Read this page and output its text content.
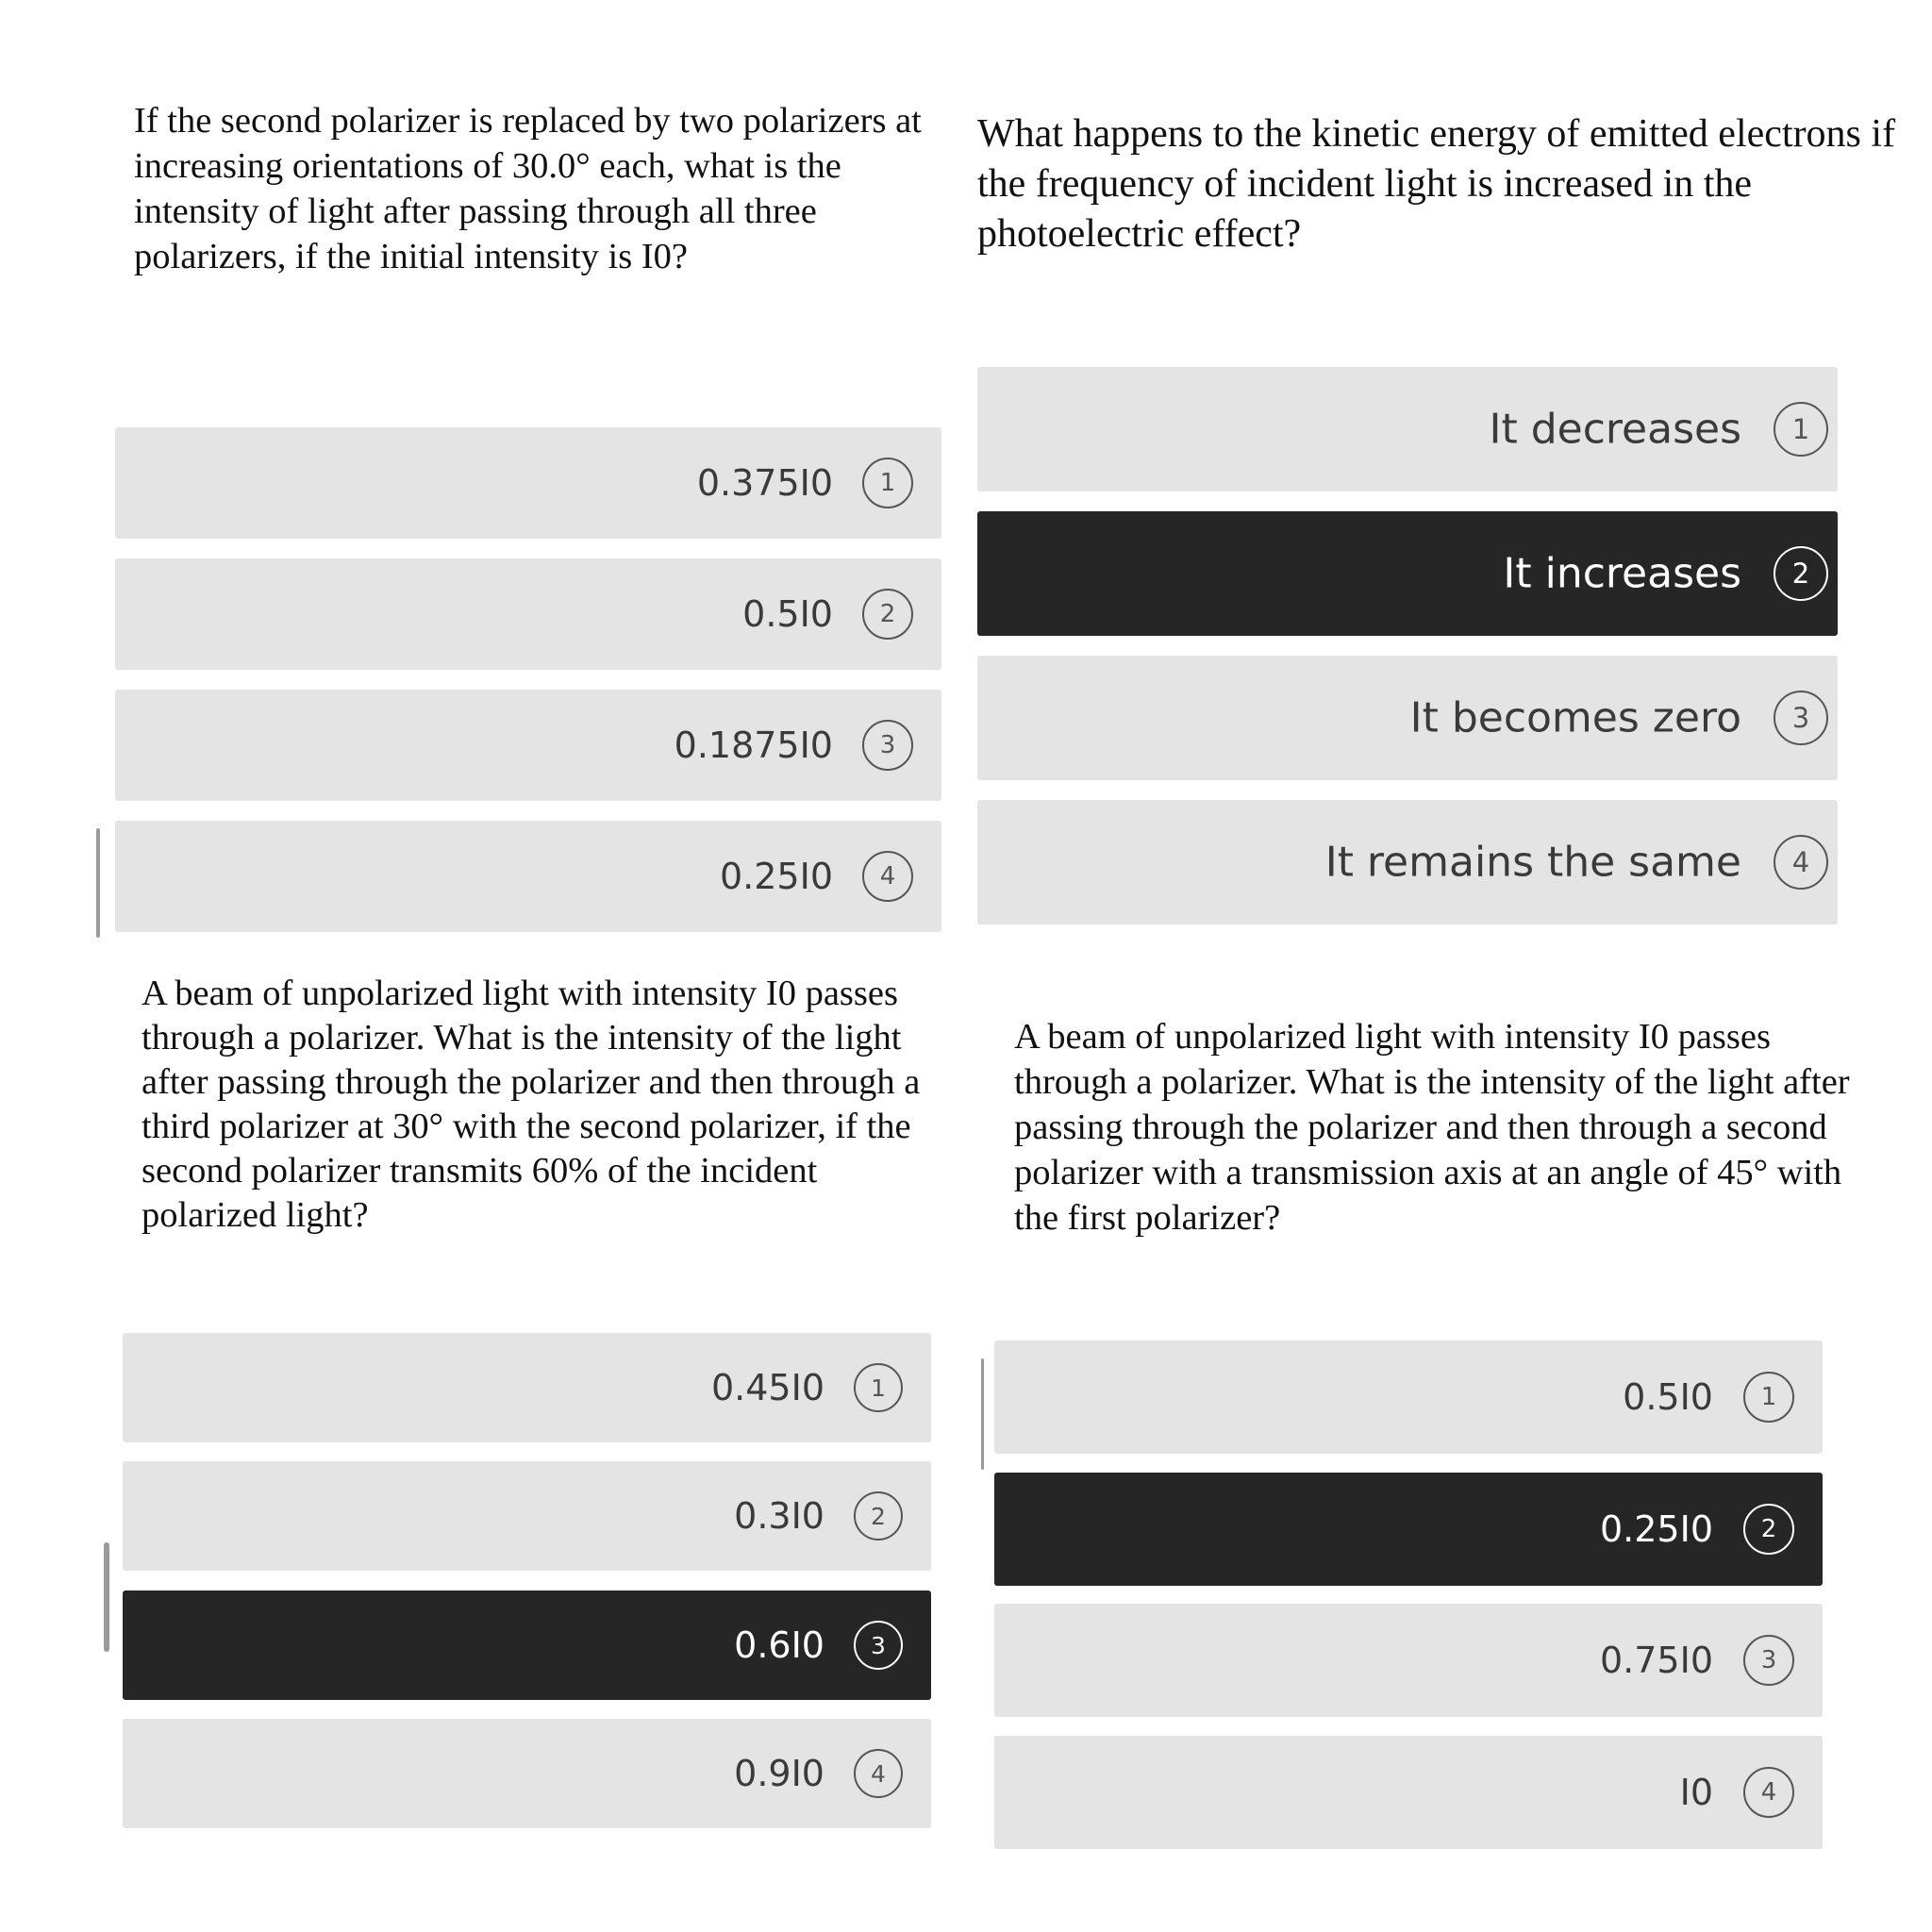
If the second polarizer is replaced by two polarizers at increasing orientations of 30.0° each, what is the intensity of light after passing through all three polarizers, if the initial intensity is I0?

0.375I0	1
0.5I0	2
0.1875I0	3
0.25I0	4

What happens to the kinetic energy of emitted electrons if the frequency of incident light is increased in the photoelectric effect?

It decreases	1
It increases	2
It becomes zero	3
It remains the same	4

A beam of unpolarized light with intensity I0 passes through a polarizer. What is the intensity of the light after passing through the polarizer and then through a third polarizer at 30° with the second polarizer, if the second polarizer transmits 60% of the incident polarized light?

0.45I0	1
0.3I0	2
0.6I0	3
0.9I0	4

A beam of unpolarized light with intensity I0 passes through a polarizer. What is the intensity of the light after passing through the polarizer and then through a second polarizer with a transmission axis at an angle of 45° with the first polarizer?

0.5I0	1
0.25I0	2
0.75I0	3
I0	4
